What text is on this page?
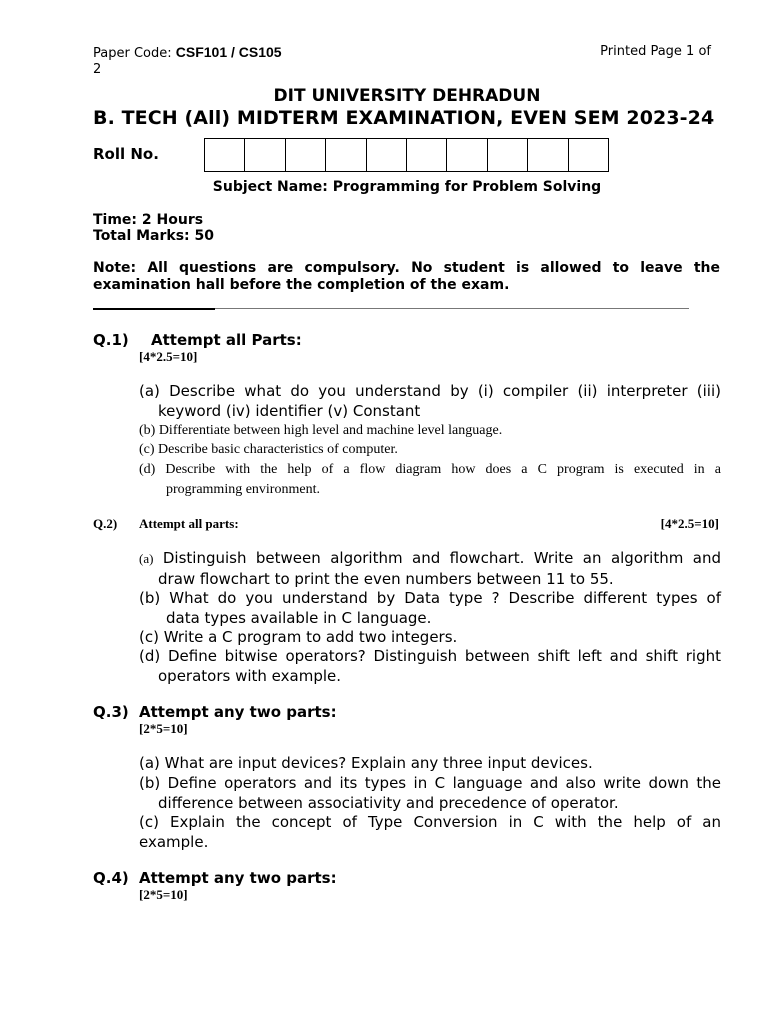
Paper Code: CSF101 / CS105	Printed Page 1 of
2
DIT UNIVERSITY DEHRADUN
B. TECH (All) MIDTERM EXAMINATION, EVEN SEM 2023-24
Roll No.
Subject Name: Programming for Problem Solving
Time: 2 Hours
Total Marks: 50
Note: All questions are compulsory. No student is allowed to leave the
examination hall before the completion of the exam.
Q.1) Attempt all Parts:
[4*2.5=10]
(a) Describe what do you understand by (i) compiler (ii) interpreter (iii)
keyword (iv) identifier (v) Constant
(b) Differentiate between high level and machine level language.
(c) Describe basic characteristics of computer.
(d) Describe with the help of a flow diagram how does a C program is executed in a
programming environment.
Q.2) Attempt all parts:	[4*2.5=10]
(a) Distinguish between algorithm and flowchart. Write an algorithm and
draw flowchart to print the even numbers between 11 to 55.
(b) What do you understand by Data type ? Describe different types of
data types available in C language.
(c) Write a C program to add two integers.
(d) Define bitwise operators? Distinguish between shift left and shift right
operators with example.
Q.3) Attempt any two parts:
[2*5=10]
(a) What are input devices? Explain any three input devices.
(b) Define operators and its types in C language and also write down the
difference between associativity and precedence of operator.
(c) Explain the concept of Type Conversion in C with the help of an
example.
Q.4) Attempt any two parts:
[2*5=10]
